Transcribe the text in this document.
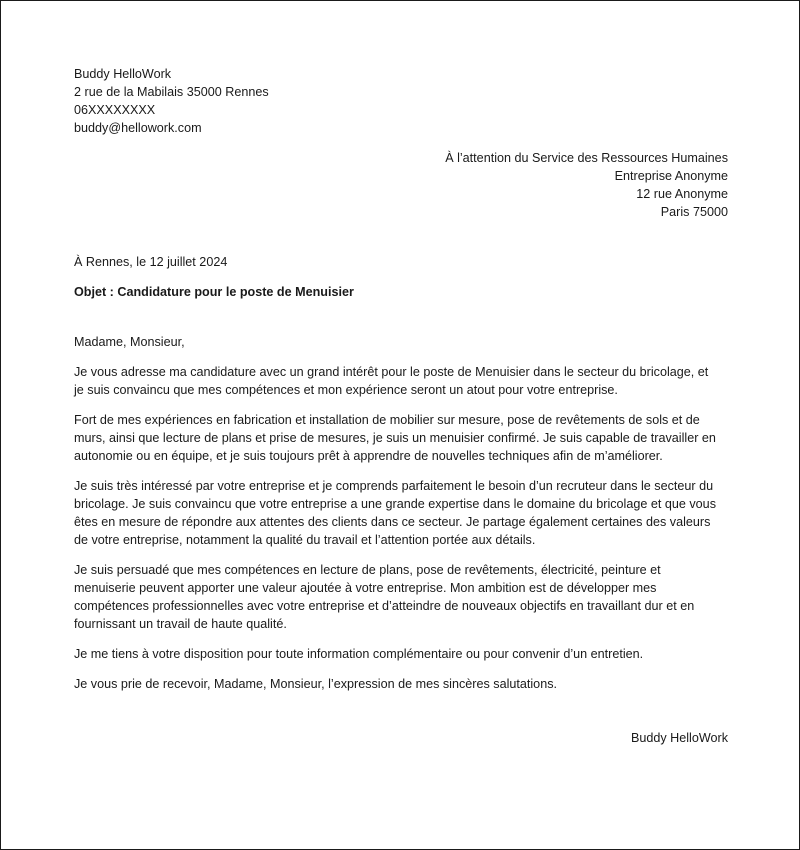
Buddy HelloWork
2 rue de la Mabilais 35000 Rennes
06XXXXXXXX
buddy@hellowork.com
À l’attention du Service des Ressources Humaines
Entreprise Anonyme
12 rue Anonyme
Paris 75000
À Rennes, le 12 juillet 2024
Objet : Candidature pour le poste de Menuisier
Madame, Monsieur,
Je vous adresse ma candidature avec un grand intérêt pour le poste de Menuisier dans le secteur du bricolage, et
je suis convaincu que mes compétences et mon expérience seront un atout pour votre entreprise.
Fort de mes expériences en fabrication et installation de mobilier sur mesure, pose de revêtements de sols et de
murs, ainsi que lecture de plans et prise de mesures, je suis un menuisier confirmé. Je suis capable de travailler en
autonomie ou en équipe, et je suis toujours prêt à apprendre de nouvelles techniques afin de m’améliorer.
Je suis très intéressé par votre entreprise et je comprends parfaitement le besoin d’un recruteur dans le secteur du
bricolage. Je suis convaincu que votre entreprise a une grande expertise dans le domaine du bricolage et que vous
êtes en mesure de répondre aux attentes des clients dans ce secteur. Je partage également certaines des valeurs
de votre entreprise, notamment la qualité du travail et l’attention portée aux détails.
Je suis persuadé que mes compétences en lecture de plans, pose de revêtements, électricité, peinture et
menuiserie peuvent apporter une valeur ajoutée à votre entreprise. Mon ambition est de développer mes
compétences professionnelles avec votre entreprise et d’atteindre de nouveaux objectifs en travaillant dur et en
fournissant un travail de haute qualité.
Je me tiens à votre disposition pour toute information complémentaire ou pour convenir d’un entretien.
Je vous prie de recevoir, Madame, Monsieur, l’expression de mes sincères salutations.
Buddy HelloWork
